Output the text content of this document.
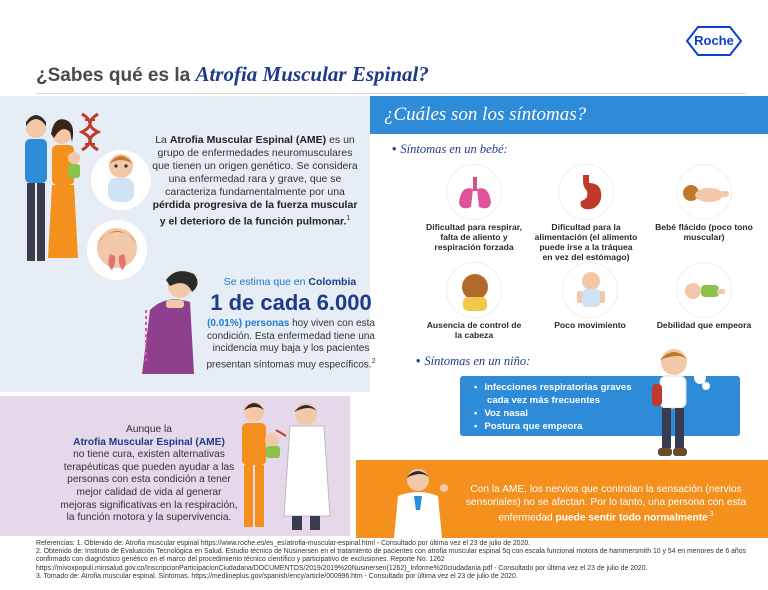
Roche
¿Sabes qué es la Atrofia Muscular Espinal?
La Atrofia Muscular Espinal (AME) es un grupo de enfermedades neuromusculares que tienen un origen genético. Se considera una enfermedad rara y grave, que se caracteriza fundamentalmente por una pérdida progresiva de la fuerza muscular y el deterioro de la función pulmonar.$^1$
Se estima que en Colombia
1 de cada 6.000
(0.01%) personas hoy viven con esta condición. Esta enfermedad tiene una incidencia muy baja y los pacientes presentan síntomas muy específicos.$^2$
Aunque la
Atrofia Muscular Espinal (AME)
no tiene cura, existen alternativas terapéuticas que pueden ayudar a las personas con esta condición a tener mejor calidad de vida al generar mejoras significativas en la respiración, la función motora y la supervivencia.
¿Cuáles son los síntomas?
• Síntomas en un bebé:
Dificultad para respirar, falta de aliento y respiración forzada
Dificultad para la alimentación (el alimento puede irse a la tráquea en vez del estómago)
Bebé flácido (poco tono muscular)
Ausencia de control de la cabeza
Poco movimiento	Debilidad que empeora
• Síntomas en un niño:
• Infecciones respiratorias graves
cada vez más frecuentes
• Voz nasal
• Postura que empeora
Con la AME, los nervios que controlan la sensación (nervios sensoriales) no se afectan. Por lo tanto, una persona con esta enfermedad puede sentir todo normalmente$^{.3}$
Referencias: 1. Obtenido de: Atrofia muscular espinal https://www.roche.es/es_es/atrofia-muscular-espinal.html - Consultado por última vez el 23 de julio de 2020.
2. Obtenido de: Instituto de Evaluación Tecnológica en Salud. Estudio técnico de Nusinersen en el tratamiento de pacientes con atrofia muscular espinal 5q con escala funcional motora de hammersmith 10 y 54 en menores de 6 años confirmado con diagnóstico genético en el marco del procedimiento técnico científico y participativo de exclusiones. Reporte No. 1262
https://mivoxpopuli.minsalud.gov.co/InscripcionParticipacionCiudadana/DOCUMENTOS/2019/2019%20Nusinersen(1262)_Informe%20ciudadania.pdf - Consultado por última vez el 23 de julio de 2020.
3. Tomado de: Atrofia muscular espinal. Síntomas. https://medlineplus.gov/spanish/ency/article/000996.htm - Consultado por última vez el 23 de julio de 2020.
